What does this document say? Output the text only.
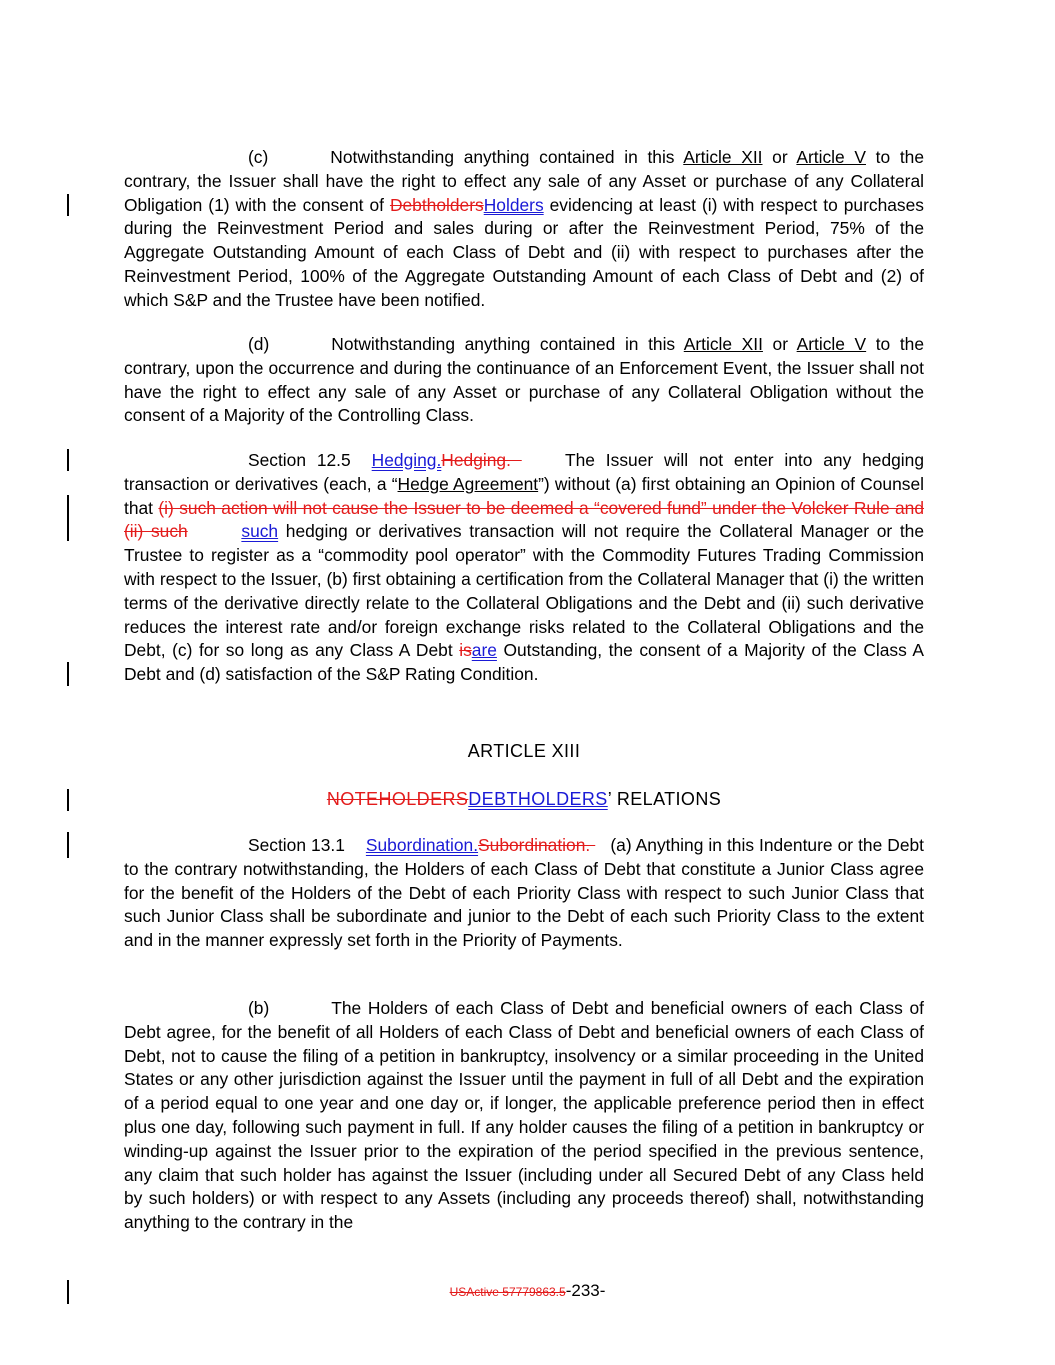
(c)	Notwithstanding anything contained in this Article XII or Article V to the contrary, the Issuer shall have the right to effect any sale of any Asset or purchase of any Collateral Obligation (1) with the consent of DebtholdersHolders evidencing at least (i) with respect to purchases during the Reinvestment Period and sales during or after the Reinvestment Period, 75% of the Aggregate Outstanding Amount of each Class of Debt and (ii) with respect to purchases after the Reinvestment Period, 100% of the Aggregate Outstanding Amount of each Class of Debt and (2) of which S&P and the Trustee have been notified.
(d)	Notwithstanding anything contained in this Article XII or Article V to the contrary, upon the occurrence and during the continuance of an Enforcement Event, the Issuer shall not have the right to effect any sale of any Asset or purchase of any Collateral Obligation without the consent of a Majority of the Controlling Class.
Section 12.5 Hedging.Hedging.     The Issuer will not enter into any hedging transaction or derivatives (each, a “Hedge Agreement”) without (a) first obtaining an Opinion of Counsel that (i) such action will not cause the Issuer to be deemed a “covered fund” under the Volcker Rule and (ii) such	such hedging or derivatives transaction will not require the Collateral Manager or the Trustee to register as a “commodity pool operator” with the Commodity Futures Trading Commission with respect to the Issuer, (b) first obtaining a certification from the Collateral Manager that (i) the written terms of the derivative directly relate to the Collateral Obligations and the Debt and (ii) such derivative reduces the interest rate and/or foreign exchange risks related to the Collateral Obligations and the Debt, (c) for so long as any Class A Debt isare Outstanding, the consent of a Majority of the Class A Debt and (d) satisfaction of the S&P Rating Condition.
ARTICLE XIII
NOTEHOLDERSDEBTHOLDERS’ RELATIONS
Section 13.1 Subordination.Subordination.    (a) Anything in this Indenture or the Debt to the contrary notwithstanding, the Holders of each Class of Debt that constitute a Junior Class agree for the benefit of the Holders of the Debt of each Priority Class with respect to such Junior Class that such Junior Class shall be subordinate and junior to the Debt of each such Priority Class to the extent and in the manner expressly set forth in the Priority of Payments.
(b)	The Holders of each Class of Debt and beneficial owners of each Class of Debt agree, for the benefit of all Holders of each Class of Debt and beneficial owners of each Class of Debt, not to cause the filing of a petition in bankruptcy, insolvency or a similar proceeding in the United States or any other jurisdiction against the Issuer until the payment in full of all Debt and the expiration of a period equal to one year and one day or, if longer, the applicable preference period then in effect plus one day, following such payment in full. If any holder causes the filing of a petition in bankruptcy or winding-up against the Issuer prior to the expiration of the period specified in the previous sentence, any claim that such holder has against the Issuer (including under all Secured Debt of any Class held by such holders) or with respect to any Assets (including any proceeds thereof) shall, notwithstanding anything to the contrary in the
USActive 57779863.5-233-
